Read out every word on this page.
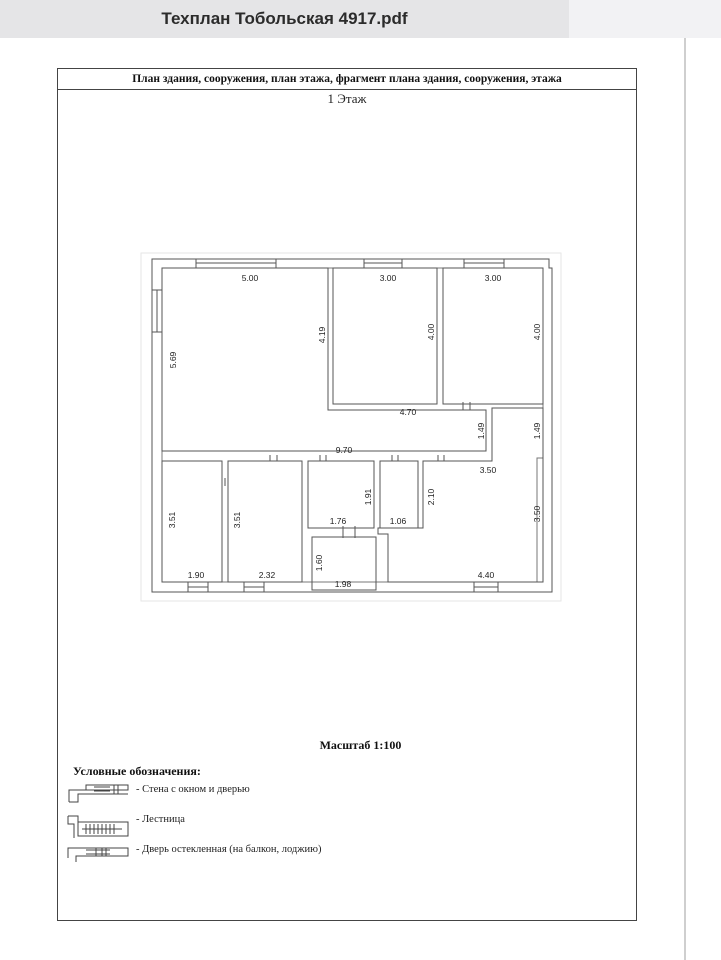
Техплан Тобольская 4917.pdf
План здания, сооружения, план этажа, фрагмент плана здания, сооружения, этажа
1 Этаж
5.00	3.00	3.00
4.19	4.00	4.00
5.69
4.70
1.49	1.49
9.70
3.50
3.51	3.51
1.91	2.10
3.50
1.76	1.06
1.60
1.90	2.32
1.98
4.40
Масштаб 1:100
Условные обозначения:
- Стена с окном и дверью
- Лестница
- Дверь остекленная (на балкон, лоджию)
